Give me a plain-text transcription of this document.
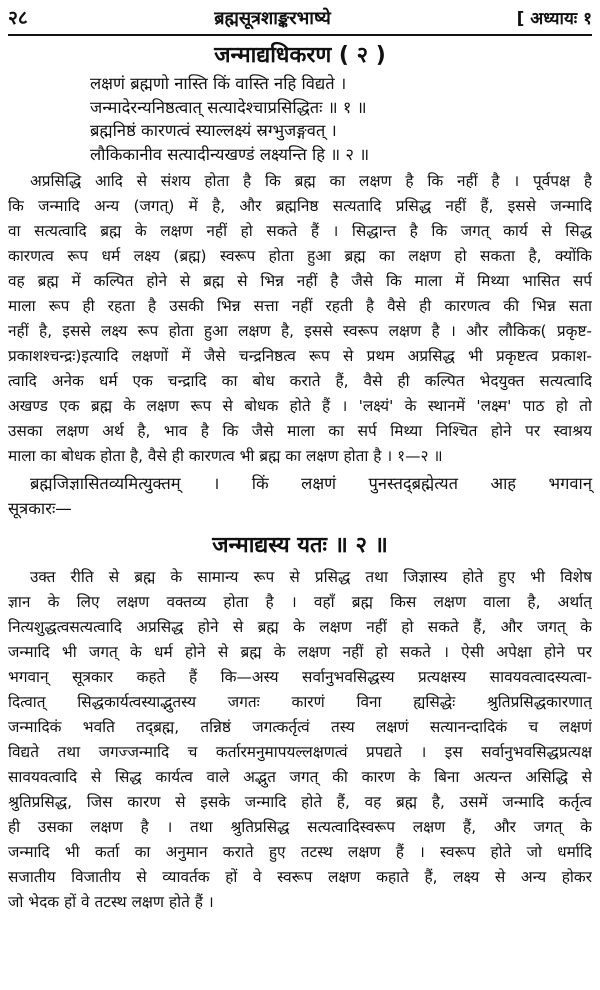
२८	ब्रह्मसूत्रशाङ्करभाष्ये	[ अध्यायः १
जन्माद्यधिकरण ( २ )
लक्षणं ब्रह्मणो नास्ति किं वास्ति नहि विद्यते ।
जन्मादेरन्यनिष्ठत्वात् सत्यादेश्चाप्रसिद्धितः ॥ १ ॥
ब्रह्मनिष्ठं कारणत्वं स्याल्लक्ष्यं स्रग्भुजङ्गवत् ।
लौकिकानीव सत्यादीन्यखण्डं लक्ष्यन्ति हि ॥ २ ॥
अप्रसिद्धि आदि से संशय होता है कि ब्रह्म का लक्षण है कि नहीं है । पूर्वपक्ष है
कि जन्मादि अन्य (जगत्) में है, और ब्रह्मनिष्ठ सत्यतादि प्रसिद्ध नहीं हैं, इससे जन्मादि
वा सत्यत्वादि ब्रह्म के लक्षण नहीं हो सकते हैं । सिद्धान्त है कि जगत् कार्य से सिद्ध
कारणत्व रूप धर्म लक्ष्य (ब्रह्म) स्वरूप होता हुआ ब्रह्म का लक्षण हो सकता है, क्योंकि
वह ब्रह्म में कल्पित होने से ब्रह्म से भिन्न नहीं है जैसे कि माला में मिथ्या भासित सर्प
माला रूप ही रहता है उसकी भिन्न सत्ता नहीं रहती है वैसे ही कारणत्व की भिन्न सता
नहीं है, इससे लक्ष्य रूप होता हुआ लक्षण है, इससे स्वरूप लक्षण है । और लौकिक( प्रकृष्ट-
प्रकाशश्चन्द्रः)इत्यादि लक्षणों में जैसे चन्द्रनिष्ठत्व रूप से प्रथम अप्रसिद्ध भी प्रकृष्टत्व प्रकाश-
त्वादि अनेक धर्म एक चन्द्रादि का बोध कराते हैं, वैसे ही कल्पित भेदयुक्त सत्यत्वादि
अखण्ड एक ब्रह्म के लक्षण रूप से बोधक होते हैं । 'लक्ष्यं' के स्थानमें 'लक्ष्म' पाठ हो तो
उसका लक्षण अर्थ है, भाव है कि जैसे माला का सर्प मिथ्या निश्चित होने पर स्वाश्रय
माला का बोधक होता है, वैसे ही कारणत्व भी ब्रह्म का लक्षण होता है । १—२ ॥
ब्रह्मजिज्ञासितव्यमित्युक्तम् । किं लक्षणं पुनस्तद्ब्रह्मेत्यत आह भगवान्
सूत्रकारः—
जन्माद्यस्य यतः ॥ २ ॥
उक्त रीति से ब्रह्म के सामान्य रूप से प्रसिद्ध तथा जिज्ञास्य होते हुए भी विशेष
ज्ञान के लिए लक्षण वक्तव्य होता है । वहाँ ब्रह्म किस लक्षण वाला है, अर्थात्
नित्यशुद्धत्वसत्यत्वादि अप्रसिद्ध होने से ब्रह्म के लक्षण नहीं हो सकते हैं, और जगत् के
जन्मादि भी जगत् के धर्म होने से ब्रह्म के लक्षण नहीं हो सकते । ऐसी अपेक्षा होने पर
भगवान् सूत्रकार कहते हैं कि—अस्य सर्वानुभवसिद्धस्य प्रत्यक्षस्य सावयवत्वादस्यत्वा-
दित्वात् सिद्धकार्यत्वस्याद्भुतस्य जगतः कारणं विना ह्यसिद्धेः श्रुतिप्रसिद्धकारणात्
जन्मादिकं भवति तद्ब्रह्म, तन्निष्ठं जगत्कर्तृत्वं तस्य लक्षणं सत्यानन्दादिकं च लक्षणं
विद्यते तथा जगज्जन्मादि च कर्तारमनुमापयल्लक्षणत्वं प्रपद्यते । इस सर्वानुभवसिद्धप्रत्यक्ष
सावयवत्वादि से सिद्ध कार्यत्व वाले अद्भुत जगत् की कारण के बिना अत्यन्त असिद्धि से
श्रुतिप्रसिद्ध, जिस कारण से इसके जन्मादि होते हैं, वह ब्रह्म है, उसमें जन्मादि कर्तृत्व
ही उसका लक्षण है । तथा श्रुतिप्रसिद्ध सत्यत्वादिस्वरूप लक्षण हैं, और जगत् के
जन्मादि भी कर्ता का अनुमान कराते हुए तटस्थ लक्षण हैं । स्वरूप होते जो धर्मादि
सजातीय विजातीय से व्यावर्तक हों वे स्वरूप लक्षण कहाते हैं, लक्ष्य से अन्य होकर
जो भेदक हों वे तटस्थ लक्षण होते हैं ।
